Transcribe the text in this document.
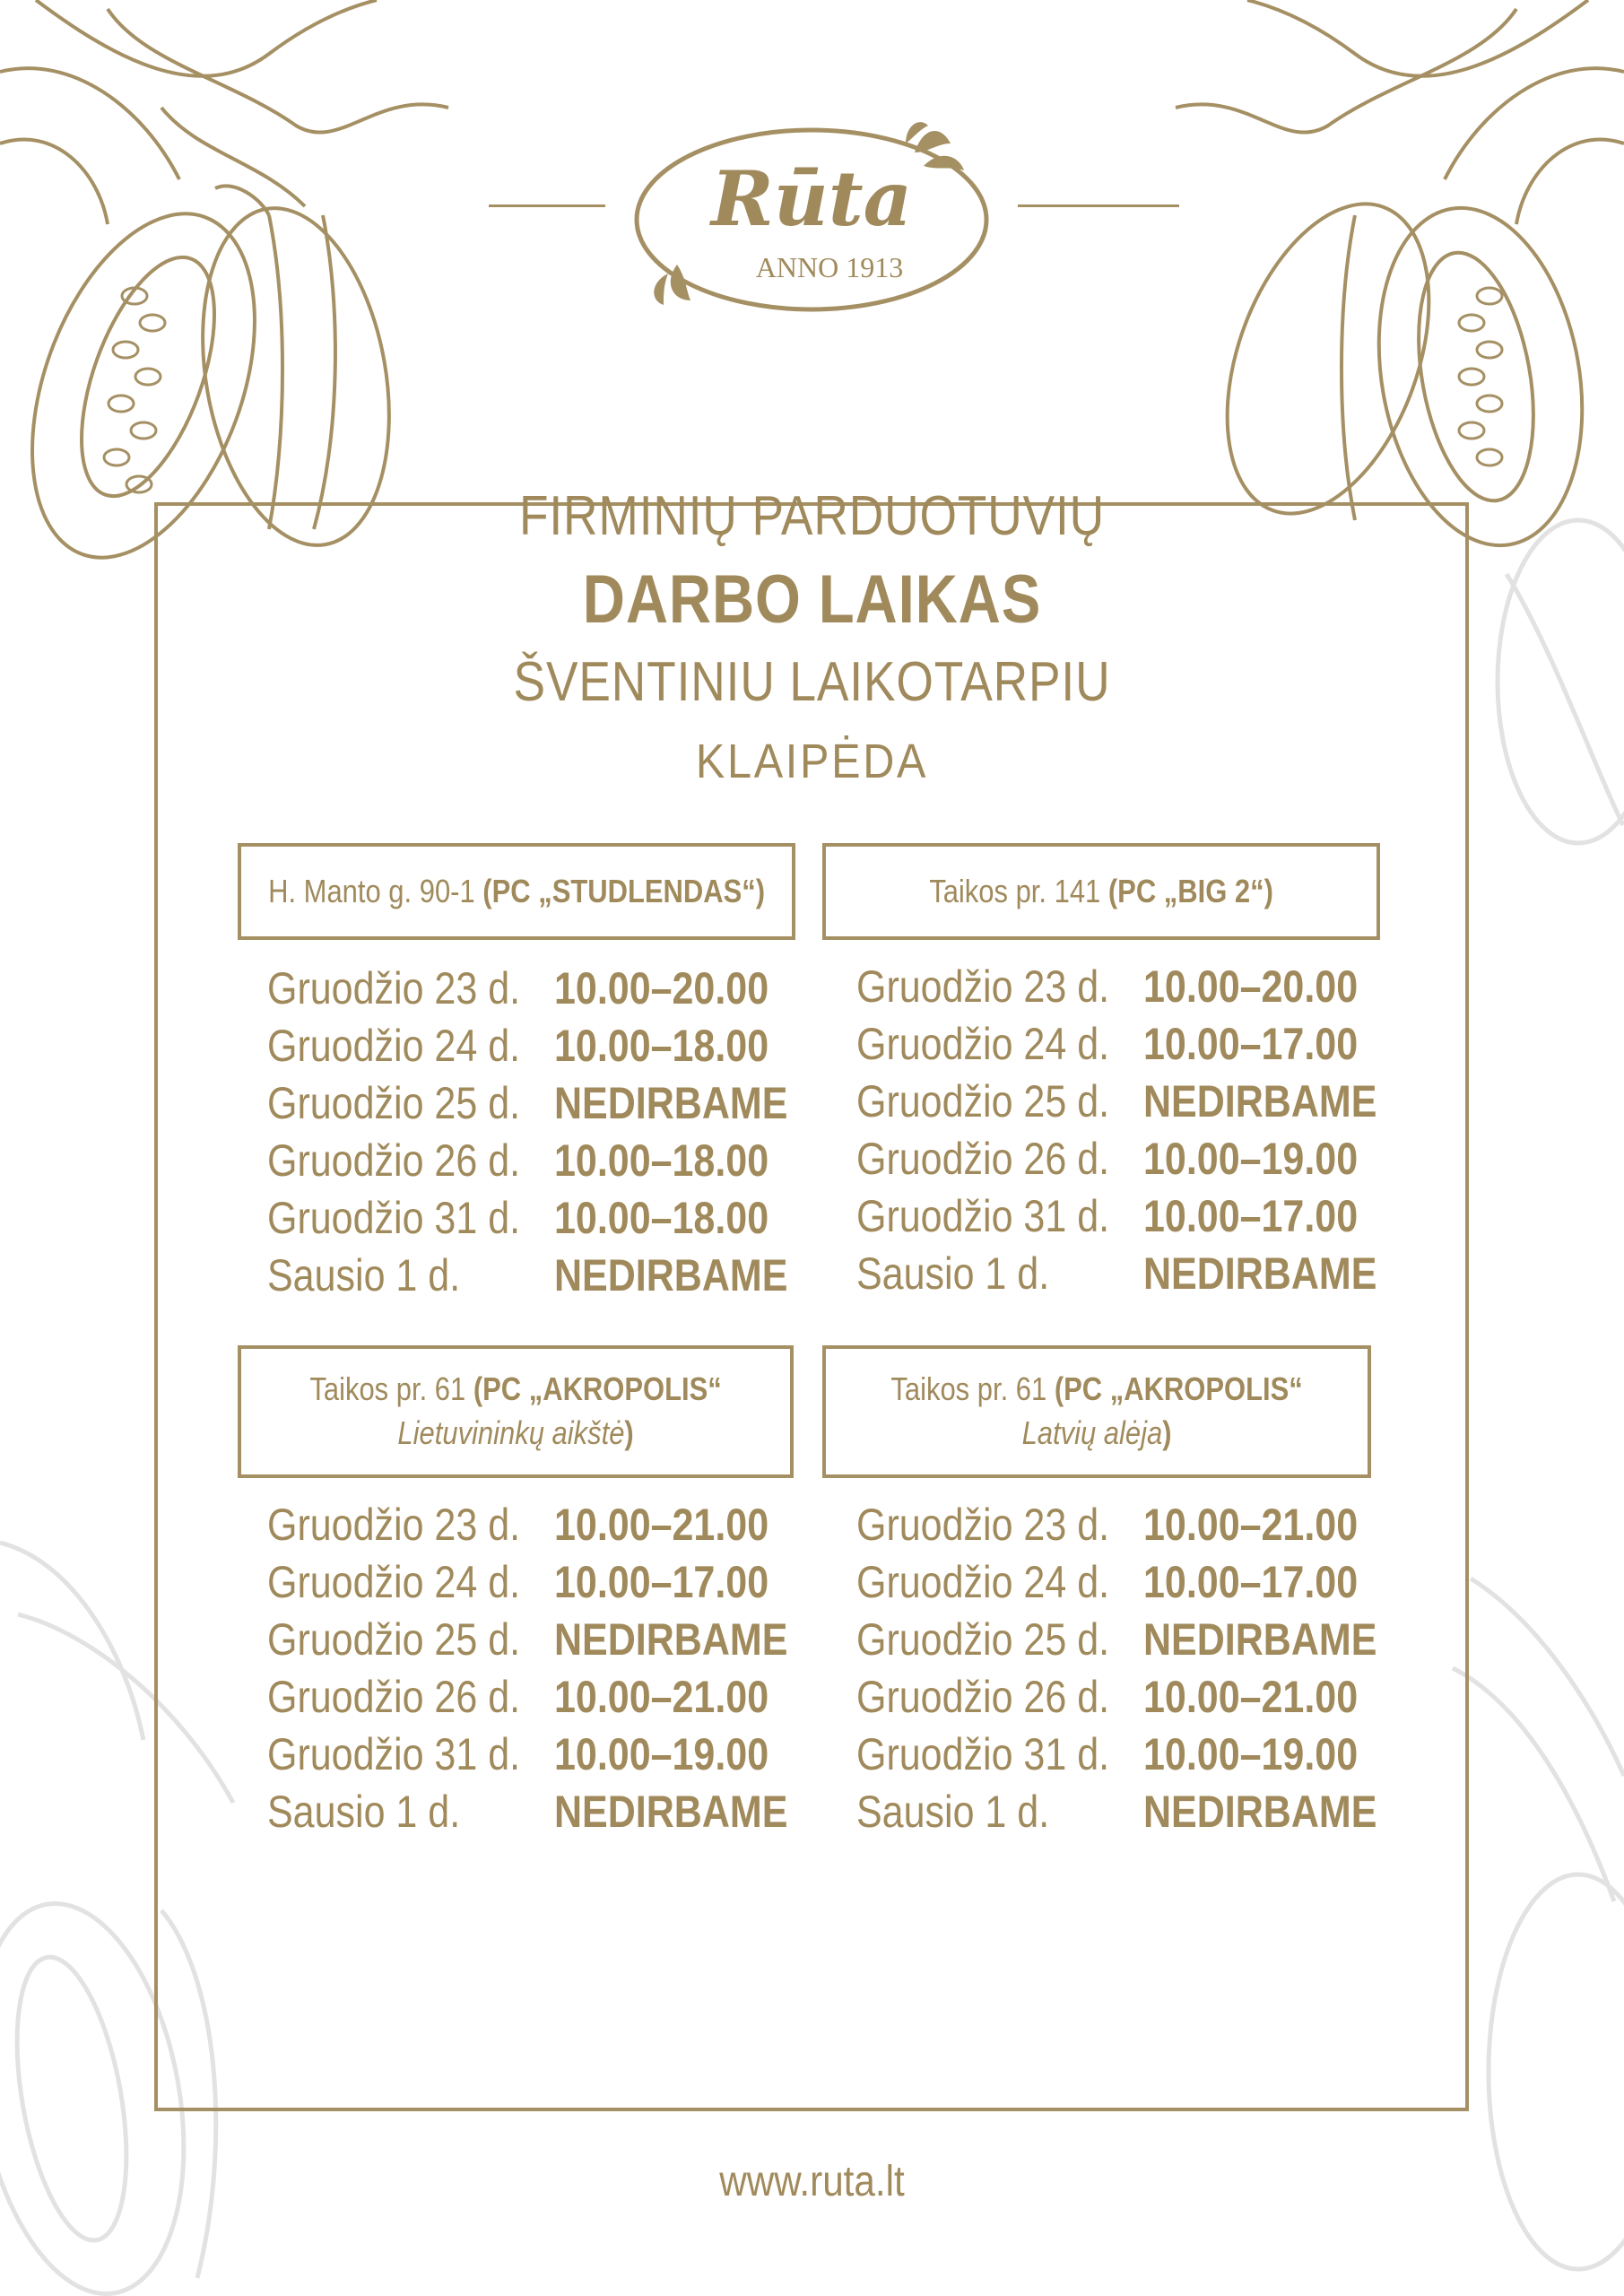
Rūta
ANNO 1913
FIRMINIŲ PARDUOTUVIŲ
DARBO LAIKAS
ŠVENTINIU LAIKOTARPIU
KLAIPĖDA
H. Manto g. 90-1 (PC „STUDLENDAS“)
Gruodžio 23 d. 10.00–20.00
Gruodžio 24 d. 10.00–18.00
Gruodžio 25 d. NEDIRBAME
Gruodžio 26 d. 10.00–18.00
Gruodžio 31 d. 10.00–18.00
Sausio 1 d.	NEDIRBAME
Taikos pr. 141 (PC „BIG 2“)
Gruodžio 23 d. 10.00–20.00
Gruodžio 24 d. 10.00–17.00
Gruodžio 25 d. NEDIRBAME
Gruodžio 26 d. 10.00–19.00
Gruodžio 31 d. 10.00–17.00
Sausio 1 d.	NEDIRBAME
Taikos pr. 61 (PC „AKROPOLIS“
Lietuvininkų aikštė)
Gruodžio 23 d. 10.00–21.00
Gruodžio 24 d. 10.00–17.00
Gruodžio 25 d. NEDIRBAME
Gruodžio 26 d. 10.00–21.00
Gruodžio 31 d. 10.00–19.00
Sausio 1 d.	NEDIRBAME
Taikos pr. 61 (PC „AKROPOLIS“
Latvių alėja)
Gruodžio 23 d. 10.00–21.00
Gruodžio 24 d. 10.00–17.00
Gruodžio 25 d. NEDIRBAME
Gruodžio 26 d. 10.00–21.00
Gruodžio 31 d. 10.00–19.00
Sausio 1 d.	NEDIRBAME
www.ruta.lt
